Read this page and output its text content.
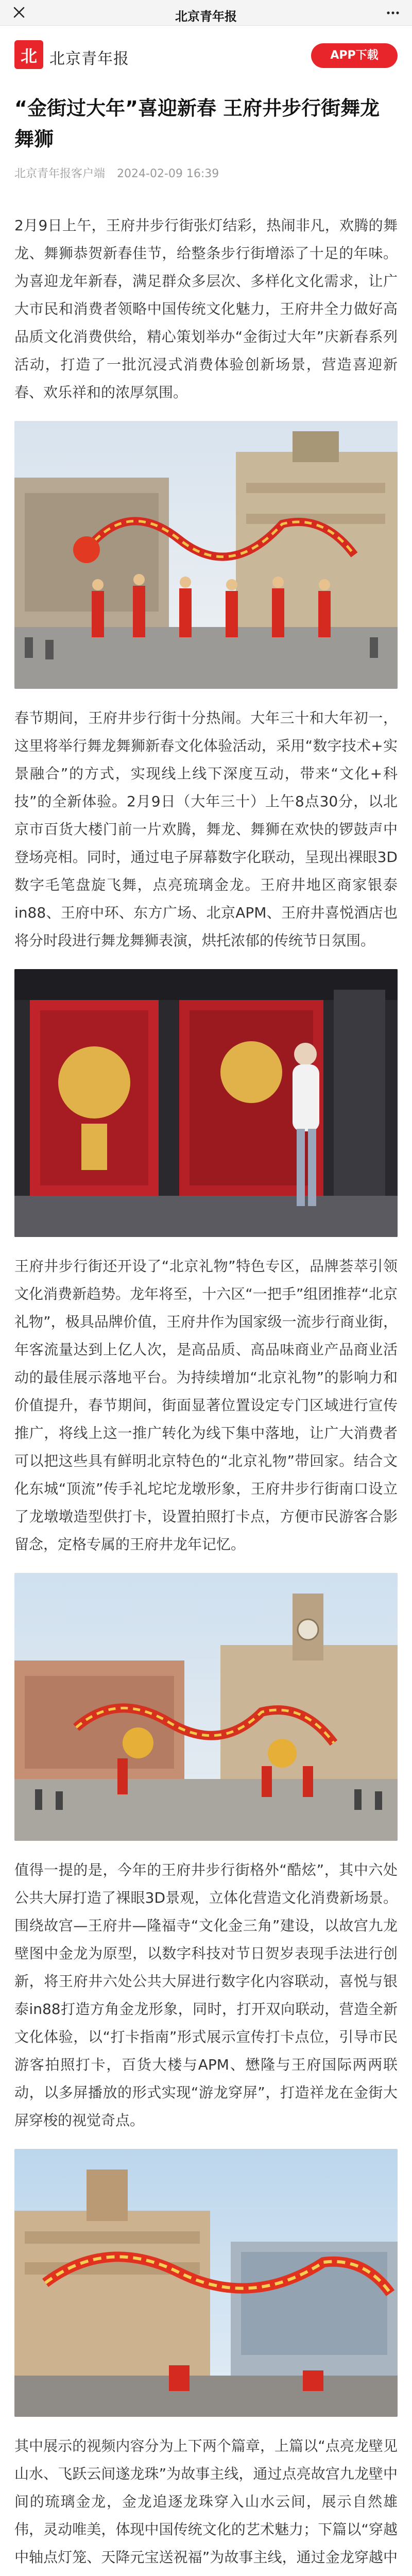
北京青年报
北 北京青年报	APP下载
“金街过大年”喜迎新春 王府井步行街舞龙舞狮
北京青年报客户端 2024-02-09 16:39

2月9日上午，王府井步行街张灯结彩，热闹非凡，欢腾的舞龙、舞狮恭贺新春佳节，给整条步行街增添了十足的年味。为喜迎龙年新春，满足群众多层次、多样化文化需求，让广大市民和消费者领略中国传统文化魅力，王府井全力做好高品质文化消费供给，精心策划举办“金街过大年”庆新春系列活动，打造了一批沉浸式消费体验创新场景，营造喜迎新春、欢乐祥和的浓厚氛围。

春节期间，王府井步行街十分热闹。大年三十和大年初一，这里将举行舞龙舞狮新春文化体验活动，采用“数字技术+实景融合”的方式，实现线上线下深度互动，带来“文化+科技”的全新体验。2月9日（大年三十）上午8点30分，以北京市百货大楼门前一片欢腾，舞龙、舞狮在欢快的锣鼓声中登场亮相。同时，通过电子屏幕数字化联动，呈现出裸眼3D数字毛笔盘旋飞舞，点亮琉璃金龙。王府井地区商家银泰in88、王府中环、东方广场、北京APM、王府井喜悦酒店也将分时段进行舞龙舞狮表演，烘托浓郁的传统节日氛围。

王府井步行街还开设了“北京礼物”特色专区，品牌荟萃引领文化消费新趋势。龙年将至，十六区“一把手”组团推荐“北京礼物”，极具品牌价值，王府井作为国家级一流步行商业街，年客流量达到上亿人次，是高品质、高品味商业产品商业活动的最佳展示落地平台。为持续增加“北京礼物”的影响力和价值提升，春节期间，街面显著位置设定专门区域进行宣传推广，将线上这一推广转化为线下集中落地，让广大消费者可以把这些具有鲜明北京特色的“北京礼物”带回家。结合文化东城“顶流”传手礼坨坨龙墩形象，王府井步行街南口设立了龙墩墩造型供打卡，设置拍照打卡点，方便市民游客合影留念，定格专属的王府井龙年记忆。

值得一提的是，今年的王府井步行街格外“酷炫”，其中六处公共大屏打造了裸眼3D景观，立体化营造文化消费新场景。围绕故宫—王府井—隆福寺“文化金三角”建设，以故宫九龙壁图中金龙为原型，以数字科技对节日贺岁表现手法进行创新，将王府井六处公共大屏进行数字化内容联动，喜悦与银泰in88打造方角金龙形象，同时，打开双向联动，营造全新文化体验，以“打卡指南”形式展示宣传打卡点位，引导市民游客拍照打卡，百货大楼与APM、懋隆与王府国际两两联动，以多屏播放的形式实现“游龙穿屏”，打造祥龙在金街大屏穿梭的视觉奇点。

其中展示的视频内容分为上下两个篇章，上篇以“点亮龙壁见山水、飞跃云间遂龙珠”为故事主线，通过点亮故宫九龙壁中间的琉璃金龙，金龙追逐龙珠穿入山水云间，展示自然雄伟，灵动唯美，体现中国传统文化的艺术魅力；下篇以“穿越中轴点灯笼、天降元宝送祝福”为故事主线，通过金龙穿越中
